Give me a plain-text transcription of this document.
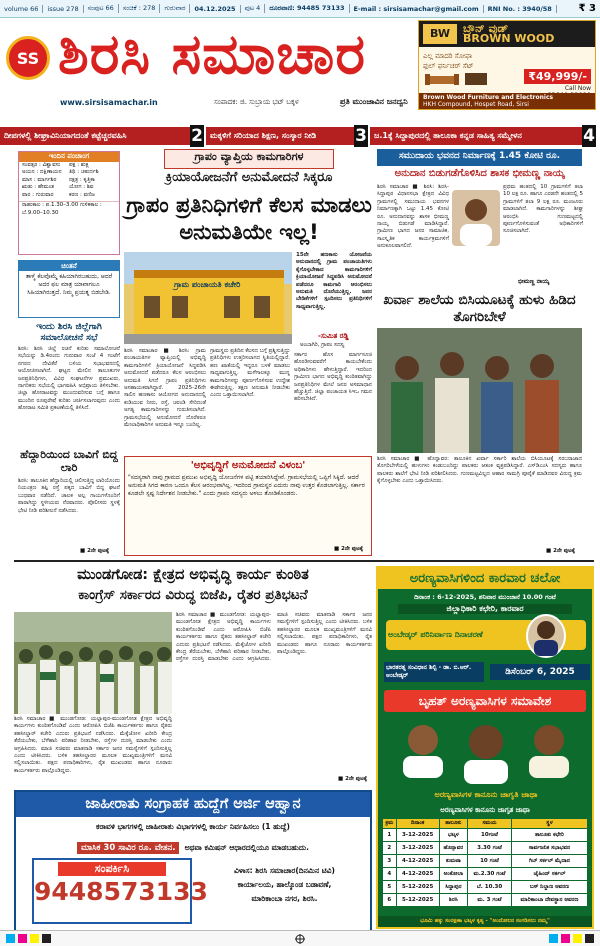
volume 66	issue 278	ಸಂಪುಟ 66	ಸಂಚಿಕೆ : 278	ಗುರುವಾರ	04.12.2025	ಪುಟ 4	ದೂರವಾಣಿ: 94485 73133	E-mail : sirsisamachar@gmail.com	RNI No. : 3940/58	₹ 3
SS ಶಿರಸಿ ಸಮಾಚಾರ
www.sirsisamachar.in	ಸಂಪಾದಕ: ಜಿ. ಸುಬ್ರಾಯ ಭಟ್ ಬಕ್ಕಳ	ಪ್ರತಿ ಮುಂಜಾವಿನ ಜನದ್ವನಿ
BW	ಬ್ರೌನ್ ವುಡ್
BROWN WOOD
ಎಲ್ಲ ಮಾದರಿ ಸೋಫಾ
ಫುಲ್ ಫರ್ನಿಚರ್ ಸೆಟ್
₹49,999/-
Call Now
Brown Wood Furniture and Electronics
HKH Compound, Hospet Road, Sirsi
ದೀಪಗಳಲ್ಲಿ ಶೀಘ್ರಾವಿನಿಯಾಗದಂತೆ ಕಟ್ಟೆಚ್ಚರವಹಿಸಿ	2 ಮಕ್ಕಳಿಗೆ ಸರಿಯಾದ ಶಿಕ್ಷಣ, ಸಂಸ್ಕಾರ ನೀಡಿ 3 ಜ.1ಕ್ಕೆ ಸಿದ್ದಾಪುರದಲ್ಲಿ ತಾಲೂಕಾ ಕನ್ನಡ ಸಾಹಿತ್ಯ ಸಮ್ಮೇಳನ	4
ಇಂದಿನ ಪಂಚಾಂಗ
ಸಂವತ್ಸರ : ವಿಶ್ವಾವಸು	ಪಕ್ಷ : ಶುಕ್ಲ
ಅಯನ : ದಕ್ಷಿಣಾಯನ	ತಿಥಿ : ಚತುರ್ದಶಿ
ಮಾಸ : ಮಾರ್ಗಶಿರ	ನಕ್ಷತ್ರ : ಕೃತ್ತಿಕಾ
ಋತು : ಹೇಮಂತ	ಯೋಗ : ಶಿವ
ವಾರ : ಗುರುವಾರ	ಕರಣ : ವಣಿಜ
ರಾಹುಕಾಲ : ಪ.1.30–3.00 ಗುಳಿಕಕಾಲ : ಬೆ.9.00–10.30
ಚಿಂತನೆ
ತಾಳ್ಮೆ ಕೆಲವೊಮ್ಮೆ ಕಹಿಯಾಗಿರಬಹುದು, ಆದರೆ ಅದರ ಫಲ ಮಾತ್ರ ಯಾವಾಗಲೂ ಸಿಹಿಯಾಗಿರುತ್ತದೆ. ನಿಮ್ಮ ಪ್ರಯತ್ನ ಬಿಡಬೇಡಿ.
ಇಂದು ಶಿರಸಿ ಜಿಲ್ಲೆಗಾಗಿ ಸಮಾಲೋಚನೆ ಸಭೆ
ಶಿರಸಿ: ಶಿರಸಿ ಜಿಲ್ಲೆ ರಚನೆ ಕುರಿತು ಸಮಾಲೋಚನೆ ಸಭೆಯನ್ನು ಡಿ.4ರಂದು ಗುರುವಾರ ಸಂಜೆ 4 ಗಂಟೆಗೆ ನಗರದ ದೇವಿಕೆರೆ ಬಳಿಯ ಸಭಾಭವನದಲ್ಲಿ ಆಯೋಜಿಸಲಾಗಿದೆ. ಘಟ್ಟದ ಮೇಲಿನ ತಾಲೂಕುಗಳ ಜನಪ್ರತಿನಿಧಿಗಳು, ವಿವಿಧ ಸಂಘಟನೆಗಳ ಪ್ರಮುಖರು, ನಾಗರಿಕರು ಸಭೆಯಲ್ಲಿ ಭಾಗವಹಿಸಿ ಅಭಿಪ್ರಾಯ ತಿಳಿಸಬೇಕು. ಜಿಲ್ಲಾ ಹೋರಾಟವನ್ನು ಮುಂದುವರಿಸುವ ಬಗ್ಗೆ ಹಾಗೂ ಮುಂದಿನ ರೂಪುರೇಷೆ ಕುರಿತು ಚರ್ಚಿಸಲಾಗುವುದು ಎಂದು ಹೋರಾಟ ಸಮಿತಿ ಪ್ರಕಟಣೆಯಲ್ಲಿ ತಿಳಿಸಿದೆ.
ಹೆದ್ದಾರಿಯಿಂದ ಬಾವಿಗೆ ಬಿದ್ದ ಲಾರಿ
ಶಿರಸಿ: ತಾಲೂಕಿನ ಹೆದ್ದಾರಿಯಲ್ಲಿ ಚಲಿಸುತ್ತಿದ್ದ ಲಾರಿಯೊಂದು ನಿಯಂತ್ರಣ ತಪ್ಪಿ ರಸ್ತೆ ಪಕ್ಕದ ಬಾವಿಗೆ ಬಿದ್ದ ಘಟನೆ ಬುಧವಾರ ನಡೆದಿದೆ. ಚಾಲಕ ಅಲ್ಪ ಗಾಯಗಳೊಂದಿಗೆ ಪಾರಾಗಿದ್ದು ಸ್ಥಳೀಯರು ನೆರವಾದರು. ಪೊಲೀಸರು ಸ್ಥಳಕ್ಕೆ ಭೇಟಿ ನೀಡಿ ಪರಿಶೀಲನೆ ನಡೆಸಿದರು.
■ 2ನೇ ಪುಟಕ್ಕೆ
ಗ್ರಾಪಂ ವ್ಯಾಪ್ತಿಯ ಕಾಮಗಾರಿಗಳ
ಕ್ರಿಯಾಯೋಜನೆಗೆ ಅನುಮೋದನೆ ಸಿಕ್ಕರೂ
ಗ್ರಾಪಂ ಪ್ರತಿನಿಧಿಗಳಿಗೆ ಕೆಲಸ ಮಾಡಲು ಅನುಮತಿಯೇ ಇಲ್ಲ!
ಗ್ರಾಮ ಪಂಚಾಯತಿ ಕಚೇರಿ
15ನೇ ಹಣಕಾಸು ಯೋಜನೆಯ ಅನುದಾನದಲ್ಲಿ ಗ್ರಾಮ ಪಂಚಾಯತಿಗಳು ಕೈಗೊಳ್ಳಬೇಕಾದ ಕಾಮಗಾರಿಗಳಿಗೆ ಕ್ರಿಯಾಯೋಜನೆ ಸಿದ್ಧಪಡಿಸಿ ಅನುಮೋದನೆ ಪಡೆದರೂ ಕಾಮಗಾರಿ ಆರಂಭಿಸಲು ಅನುಮತಿ ದೊರೆಯುತ್ತಿಲ್ಲ. ಜನರ ಬೇಡಿಕೆಗಳಿಗೆ ಸ್ಪಂದಿಸಲು ಪ್ರತಿನಿಧಿಗಳಿಗೆ ಸಾಧ್ಯವಾಗುತ್ತಿಲ್ಲ.
-ಸುಮಿತ ರಡ್ಡಿ
ಅಂಬಾಗಿರಿ, ಗ್ರಾಪಂ ಸದಸ್ಯ
ಶಿರಸಿ ಸಮಾಚಾರ ■ ಶಿರಸಿ: ಗ್ರಾಮ ಪಂಚಾಯತಿಗಳ ವ್ಯಾಪ್ತಿಯಲ್ಲಿ ಅಭಿವೃದ್ಧಿ ಕಾಮಗಾರಿಗಳಿಗೆ ಕ್ರಿಯಾಯೋಜನೆ ಸಿದ್ಧಪಡಿಸಿ ಅನುಮೋದನೆ ಪಡೆದರೂ ಕೆಲಸ ಆರಂಭಿಸಲು ಅನುಮತಿ ಸಿಗದೆ ಗ್ರಾಪಂ ಪ್ರತಿನಿಧಿಗಳು ಅಸಹಾಯಕರಾಗಿದ್ದಾರೆ. 2025-26ನೇ ಸಾಲಿನ ಹಣಕಾಸು ಆಯೋಗದ ಅನುದಾನದಲ್ಲಿ ಕುಡಿಯುವ ನೀರು, ರಸ್ತೆ, ಚರಂಡಿ ಸೇರಿದಂತೆ ಅಗತ್ಯ ಕಾಮಗಾರಿಗಳನ್ನು ಗುರುತಿಸಲಾಗಿದೆ. ಗ್ರಾಮಸಭೆಯಲ್ಲಿ ಅನುಮೋದನೆ ದೊರೆತರೂ ಮೇಲಾಧಿಕಾರಿಗಳ ಅನುಮತಿ ಇನ್ನೂ ಬಂದಿಲ್ಲ.
ಗ್ರಾಮಸ್ಥರು ಪ್ರತಿದಿನ ಕೆಲಸದ ಬಗ್ಗೆ ಪ್ರಶ್ನಿಸುತ್ತಿದ್ದು ಪ್ರತಿನಿಧಿಗಳು ಉತ್ತರಿಸಲಾಗದ ಸ್ಥಿತಿಯಲ್ಲಿದ್ದಾರೆ. ಹಣ ಖಾತೆಯಲ್ಲಿ ಇದ್ದರೂ ಬಳಕೆ ಮಾಡಲು ಸಾಧ್ಯವಾಗುತ್ತಿಲ್ಲ. ಮಳೆಗಾಲಕ್ಕೂ ಮುನ್ನ ಕಾಮಗಾರಿಗಳನ್ನು ಪೂರ್ಣಗೊಳಿಸುವ ಉದ್ದೇಶ ಈಡೇರುತ್ತಿಲ್ಲ. ತಕ್ಷಣ ಅನುಮತಿ ನೀಡಬೇಕು ಎಂದು ಒತ್ತಾಯಿಸಲಾಗಿದೆ.
ಸರ್ಕಾರ ಹೊಸ ಮಾರ್ಗಸೂಚಿ ಹೊರಡಿಸುವವರೆಗೆ ಕಾಯಬೇಕೆಂದು ಅಧಿಕಾರಿಗಳು ಹೇಳುತ್ತಿದ್ದಾರೆ. ಇದರಿಂದ ಗ್ರಾಮೀಣ ಭಾಗದ ಅಭಿವೃದ್ಧಿ ಕುಂಠಿತವಾಗಿದ್ದು ಜನಪ್ರತಿನಿಧಿಗಳ ಮೇಲೆ ಜನರ ಅಸಮಾಧಾನ ಹೆಚ್ಚುತ್ತಿದೆ. ಜಿಲ್ಲಾ ಪಂಚಾಯತ ಸಿಇಒ ಗಮನ ಹರಿಸಬೇಕಿದೆ.
'ಅಭಿವೃದ್ಧಿಗೆ ಅನುಮೋದನೆ ವಿಳಂಬ'
"ಸದಸ್ಯರಾಗಿ ನಾವು ಗ್ರಾಮದ ಪ್ರಮುಖ ಅಭಿವೃದ್ಧಿ ಯೋಜನೆಗಳ ಪಟ್ಟಿ ತಯಾರಿಸಿದ್ದೇವೆ. ಗ್ರಾಮಸಭೆಯಲ್ಲಿ ಒಪ್ಪಿಗೆ ಸಿಕ್ಕಿದೆ. ಆದರೆ ಅನುಮತಿ ಸಿಗದ ಕಾರಣ ಒಂದೂ ಕೆಲಸ ಆರಂಭವಾಗಿಲ್ಲ. ಇದರಿಂದ ಗ್ರಾಮಸ್ಥರ ಎದುರು ನಾವು ಉತ್ತರ ಕೊಡಲಾಗುತ್ತಿಲ್ಲ. ಸರ್ಕಾರ ಕೂಡಲೇ ಸ್ಪಷ್ಟ ನಿರ್ದೇಶನ ನೀಡಬೇಕು." ಎಂದು ಗ್ರಾಪಂ ಸದಸ್ಯರು ಅಳಲು ತೋಡಿಕೊಂಡರು.
■ 2ನೇ ಪುಟಕ್ಕೆ
ಸಮುದಾಯ ಭವನದ ನಿರ್ಮಾಣಕ್ಕೆ 1.45 ಕೋಟಿ ರೂ.
ಅನುದಾನ ಬಿಡುಗಡೆಗೊಳಿಸಿದ ಶಾಸಕ ಭೀಮಣ್ಣ ನಾಯ್ಕ
ಶಿರಸಿ ಸಮಾಚಾರ ■ ಶಿರಸಿ: ಶಿರಸಿ-ಸಿದ್ದಾಪುರ ವಿಧಾನಸಭಾ ಕ್ಷೇತ್ರದ ವಿವಿಧ ಗ್ರಾಮಗಳಲ್ಲಿ ಸಮುದಾಯ ಭವನಗಳ ನಿರ್ಮಾಣಕ್ಕಾಗಿ ಒಟ್ಟು 1.45 ಕೋಟಿ ರೂ. ಅನುದಾನವನ್ನು ಶಾಸಕ ಭೀಮಣ್ಣ ನಾಯ್ಕ ಬಿಡುಗಡೆ ಮಾಡಿಸಿದ್ದಾರೆ. ಗ್ರಾಮೀಣ ಭಾಗದ ಜನರ ಸಾಮಾಜಿಕ, ಸಾಂಸ್ಕೃತಿಕ ಕಾರ್ಯಕ್ರಮಗಳಿಗೆ ಅನುಕೂಲವಾಗಲಿದೆ.
ಪ್ರಥಮ ಹಂತದಲ್ಲಿ 10 ಗ್ರಾಮಗಳಿಗೆ ತಲಾ 10 ಲಕ್ಷ ರೂ. ಹಾಗೂ ಎರಡನೇ ಹಂತದಲ್ಲಿ 5 ಗ್ರಾಮಗಳಿಗೆ ತಲಾ 9 ಲಕ್ಷ ರೂ. ಮಂಜೂರು ಮಾಡಲಾಗಿದೆ. ಕಾಮಗಾರಿಗಳನ್ನು ಶೀಘ್ರ ಆರಂಭಿಸಿ ಗುಣಮಟ್ಟದಲ್ಲಿ ಪೂರ್ಣಗೊಳಿಸುವಂತೆ ಅಧಿಕಾರಿಗಳಿಗೆ ಸೂಚಿಸಲಾಗಿದೆ.
ಭೀಮಣ್ಣ ನಾಯ್ಕ
ಖರ್ವಾ ಶಾಲೆಯ ಬಿಸಿಯೂಟಕ್ಕೆ ಹುಳು ಹಿಡಿದ ತೊಗರಿಬೇಳೆ
ಶಿರಸಿ ಸಮಾಚಾರ ■ ಹೊನ್ನಾವರ: ತಾಲೂಕಿನ ಖರ್ವಾ ಸರ್ಕಾರಿ ಶಾಲೆಯ ಬಿಸಿಯೂಟಕ್ಕೆ ಸರಬರಾಜಾದ ತೊಗರಿಬೇಳೆಯಲ್ಲಿ ಹುಳುಗಳು ಕಂಡುಬಂದಿದ್ದು ಪಾಲಕರು ಆತಂಕ ವ್ಯಕ್ತಪಡಿಸಿದ್ದಾರೆ. ಎಸ್‌ಡಿಎಂಸಿ ಸದಸ್ಯರು ಹಾಗೂ ಪಾಲಕರು ಶಾಲೆಗೆ ಭೇಟಿ ನೀಡಿ ಪರಿಶೀಲಿಸಿದರು. ಗುಣಮಟ್ಟವಿಲ್ಲದ ಆಹಾರ ಸಾಮಗ್ರಿ ಪೂರೈಕೆ ಮಾಡಿದವರ ವಿರುದ್ಧ ಕ್ರಮ ಕೈಗೊಳ್ಳಬೇಕು ಎಂದು ಒತ್ತಾಯಿಸಿದರು.
■ 2ನೇ ಪುಟಕ್ಕೆ
ಮುಂಡಗೋಡ: ಕ್ಷೇತ್ರದ ಅಭಿವೃದ್ಧಿ ಕಾರ್ಯ ಕುಂಠಿತ
ಕಾಂಗ್ರೆಸ್ ಸರ್ಕಾರದ ವಿರುದ್ಧ ಬಿಜೆಪಿ, ರೈತರ ಪ್ರತಿಭಟನೆ
ಶಿರಸಿ ಸಮಾಚಾರ ■ ಮುಂಡಗೋಡ: ಯಲ್ಲಾಪುರ-ಮುಂಡಗೋಡ ಕ್ಷೇತ್ರದ ಅಭಿವೃದ್ಧಿ ಕಾರ್ಯಗಳು ಕುಂಠಿತಗೊಂಡಿವೆ ಎಂದು ಆರೋಪಿಸಿ ಬಿಜೆಪಿ ಕಾರ್ಯಕರ್ತರು ಹಾಗೂ ರೈತರು ತಹಸೀಲ್ದಾರ್ ಕಚೇರಿ ಎದುರು ಪ್ರತಿಭಟನೆ ನಡೆಸಿದರು. ಮೆಕ್ಕೆಜೋಳ ಖರೀದಿ ಕೇಂದ್ರ ತೆರೆಯಬೇಕು, ಬೆಳೆಹಾನಿ ಪರಿಹಾರ ನೀಡಬೇಕು, ರಸ್ತೆಗಳ ದುರಸ್ತಿ ಮಾಡಬೇಕು ಎಂದು ಆಗ್ರಹಿಸಿದರು. ಮಾಜಿ ಸಚಿವರು ಮಾತನಾಡಿ ಸರ್ಕಾರ ಜನರ ಸಮಸ್ಯೆಗಳಿಗೆ ಸ್ಪಂದಿಸುತ್ತಿಲ್ಲ ಎಂದು ಟೀಕಿಸಿದರು. ಬಳಿಕ ತಹಸೀಲ್ದಾರರ ಮೂಲಕ ಮುಖ್ಯಮಂತ್ರಿಗಳಿಗೆ ಮನವಿ ಸಲ್ಲಿಸಲಾಯಿತು. ಪಕ್ಷದ ಪದಾಧಿಕಾರಿಗಳು, ರೈತ ಮುಖಂಡರು ಹಾಗೂ ನೂರಾರು ಕಾರ್ಯಕರ್ತರು ಪಾಲ್ಗೊಂಡಿದ್ದರು.
ಶಿರಸಿ ಸಮಾಚಾರ ■ ಮುಂಡಗೋಡ: ಯಲ್ಲಾಪುರ-ಮುಂಡಗೋಡ ಕ್ಷೇತ್ರದ ಅಭಿವೃದ್ಧಿ ಕಾರ್ಯಗಳು ಕುಂಠಿತಗೊಂಡಿವೆ ಎಂದು ಆರೋಪಿಸಿ ಬಿಜೆಪಿ ಕಾರ್ಯಕರ್ತರು ಹಾಗೂ ರೈತರು ತಹಸೀಲ್ದಾರ್ ಕಚೇರಿ ಎದುರು ಪ್ರತಿಭಟನೆ ನಡೆಸಿದರು. ಮೆಕ್ಕೆಜೋಳ ಖರೀದಿ ಕೇಂದ್ರ ತೆರೆಯಬೇಕು, ಬೆಳೆಹಾನಿ ಪರಿಹಾರ ನೀಡಬೇಕು, ರಸ್ತೆಗಳ ದುರಸ್ತಿ ಮಾಡಬೇಕು ಎಂದು ಆಗ್ರಹಿಸಿದರು. ಮಾಜಿ ಸಚಿವರು ಮಾತನಾಡಿ ಸರ್ಕಾರ ಜನರ ಸಮಸ್ಯೆಗಳಿಗೆ ಸ್ಪಂದಿಸುತ್ತಿಲ್ಲ ಎಂದು ಟೀಕಿಸಿದರು. ಬಳಿಕ ತಹಸೀಲ್ದಾರರ ಮೂಲಕ ಮುಖ್ಯಮಂತ್ರಿಗಳಿಗೆ ಮನವಿ ಸಲ್ಲಿಸಲಾಯಿತು. ಪಕ್ಷದ ಪದಾಧಿಕಾರಿಗಳು, ರೈತ ಮುಖಂಡರು ಹಾಗೂ ನೂರಾರು ಕಾರ್ಯಕರ್ತರು ಪಾಲ್ಗೊಂಡಿದ್ದರು.
■ 2ನೇ ಪುಟಕ್ಕೆ
ಜಾಹೀರಾತು ಸಂಗ್ರಾಹಕ ಹುದ್ದೆಗೆ ಅರ್ಜಿ ಆಹ್ವಾನ
ಕರಾವಳಿ ಭಾಗಗಳಲ್ಲಿ ಜಾಹೀರಾತು ವಿಭಾಗಗಳಲ್ಲಿ ಕಾರ್ಯ ನಿರ್ವಹಿಸಲು (1 ಹುದ್ದೆ)
ಮಾಸಿಕ 30 ಸಾವಿರ ರೂ. ವೇತನ. ಅಥವಾ ಕಮಿಷನ್ ಆಧಾರದಲ್ಲಿಯೂ ಮಾಡಬಹುದು.
ಸಂಪರ್ಕಿಸಿ
9448573133
ವಿಳಾಸ: ಶಿರಸಿ ಸಮಾಚಾರ(ದಿನಮಿನ ಟಿವಿ)
ಕಾರ್ಯಾಲಯ, ಹಾಲ್ಕೊಂಡ ಬಡಾವಣೆ,
ಮಾರಿಕಾಂಬಾ ನಗರ, ಶಿರಸಿ.
ಅರಣ್ಯವಾಸಿಗಳಿಂದ ಕಾರವಾರ ಚಲೋ
ದಿನಾಂಕ : 6-12-2025, ಶನಿವಾರ ಮುಂಜಾನೆ 10.00 ಗಂಟೆ
ಜಿಲ್ಲಾಧಿಕಾರಿ ಕಛೇರಿ, ಕಾರವಾರ
ಅಂಬೇಡ್ಕರ್ ಪರಿನಿರ್ವಾಣ ದಿನಾಚರಣೆ
ಭಾರತರತ್ನ ಸಂವಿಧಾನ ಶಿಲ್ಪಿ - ಡಾ. ಬಿ.ಆರ್. ಅಂಬೇಡ್ಕರ್	ಡಿಸೆಂಬರ್ 6, 2025
ಬೃಹತ್ ಅರಣ್ಯವಾಸಿಗಳ ಸಮಾವೇಶ
ಅರಣ್ಯವಾಸಿಗಳ ಕಾನೂನು ಜಾಗೃತಿ ಜಾಥಾ
ಅರಣ್ಯವಾಸಿಗಳ ಕಾನೂನು ಜಾಗೃತ ಜಾಥಾ
ಕ್ರಮ	ದಿನಾಂಕ	ತಾಲೂಕು	ಸಮಯ	ಸ್ಥಳ
1	3-12-2025	ಭಟ್ಕಳ	10ಗಂಟೆ	ತಾಲೂಕು ಕಛೇರಿ
2	3-12-2025	ಹೊನ್ನಾವರ	3.30 ಗಂಟೆ	ಸಾರ್ವಜನಿಕ ಸಭಾಭವನ
3	4-12-2025	ಕುಮಟಾ	10 ಗಂಟೆ	ಗಿಬ್ ಸರ್ಕಲ್ ಮೈದಾನ
4	4-12-2025	ಅಂಕೋಲಾ	ಮ.2.30 ಗಂಟೆ	ಜೈಹಿಂದ್ ಸರ್ಕಲ್
5	5-12-2025	ಸಿದ್ದಾಪುರ	ಬೆ. 10.30	ಬಸ್ ನಿಲ್ದಾಣ ಆವರಣ
6	5-12-2025	ಶಿರಸಿ	ಮ. 3 ಗಂಟೆ	ಮಾರಿಕಾಂಬಾ ದೇವಸ್ಥಾನ ಆವರಣ
ಭೂಮಿ ಹಕ್ಕು ಸಂರಕ್ಷಣಾ ಭಟ್ಕಳ ಕೃತ್ಯ - "ಅಂದೋಲನ ಸಂಗಡಿಸಲು ನಮ್ಮ"
